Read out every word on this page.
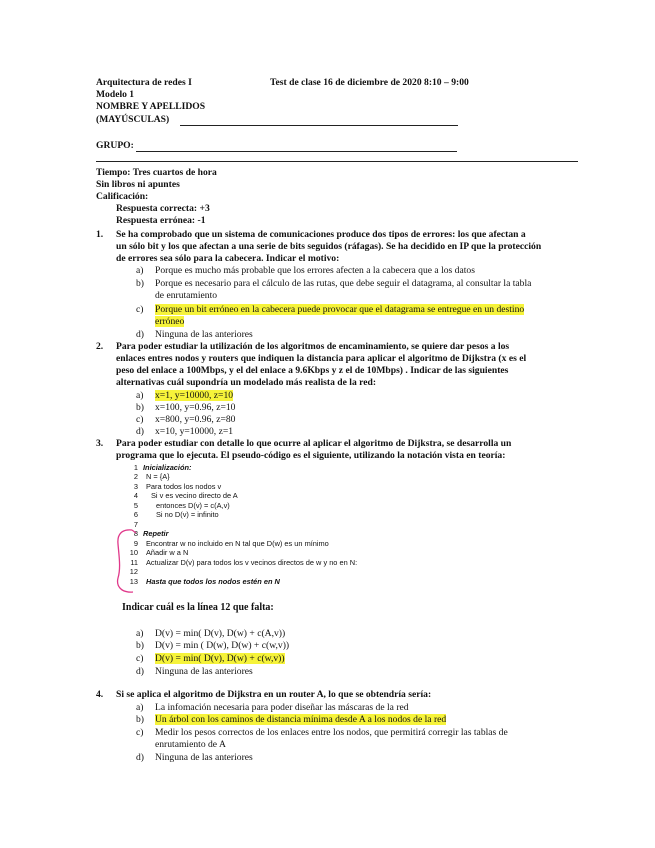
Arquitectura de redes I	Test de clase 16 de diciembre de 2020 8:10 – 9:00
Modelo 1
NOMBRE Y APELLIDOS
(MAYÚSCULAS)
GRUPO:
Tiempo: Tres cuartos de hora
Sin libros ni apuntes
Calificación:
Respuesta correcta: +3
Respuesta errónea: -1
1. Se ha comprobado que un sistema de comunicaciones produce dos tipos de errores: los que afectan a
un sólo bit y los que afectan a una serie de bits seguidos (ráfagas). Se ha decidido en IP que la protección
de errores sea sólo para la cabecera. Indicar el motivo:
a) Porque es mucho más probable que los errores afecten a la cabecera que a los datos
b) Porque es necesario para el cálculo de las rutas, que debe seguir el datagrama, al consultar la tabla
de enrutamiento
c) Porque un bit erróneo en la cabecera puede provocar que el datagrama se entregue en un destino
erróneo
d) Ninguna de las anteriores
2. Para poder estudiar la utilización de los algoritmos de encaminamiento, se quiere dar pesos a los
enlaces entres nodos y routers que indiquen la distancia para aplicar el algoritmo de Dijkstra (x es el
peso del enlace a 100Mbps, y el del enlace a 9.6Kbps y z el de 10Mbps) . Indicar de las siguientes
alternativas cuál supondría un modelado más realista de la red:
a) x=1, y=10000, z=10
b) x=100, y=0.96, z=10
c) x=800, y=0.96, z=80
d) x=10, y=10000, z=1
3. Para poder estudiar con detalle lo que ocurre al aplicar el algoritmo de Dijkstra, se desarrolla un
programa que lo ejecuta. El pseudo-código es el siguiente, utilizando la notación vista en teoría:
1 Inicialización:
2 N = {A}
3 Para todos los nodos v
4 Si v es vecino directo de A
5 entonces D(v) = c(A,v)
6 Si no D(v) = infinito
7
8 Repetir
9 Encontrar w no incluido en N tal que D(w) es un mínimo
10 Añadir w a N
11 Actualizar D(v) para todos los v vecinos directos de w y no en N:
12
13 Hasta que todos los nodos estén en N
Indicar cuál es la línea 12 que falta:
a) D(v) = min( D(v), D(w) + c(A,v))
b) D(v) = min ( D(w), D(w) + c(w,v))
c) D(v) = min( D(v), D(w) + c(w,v))
d) Ninguna de las anteriores
4. Si se aplica el algoritmo de Dijkstra en un router A, lo que se obtendría sería:
a) La infomación necesaria para poder diseñar las máscaras de la red
b) Un árbol con los caminos de distancia mínima desde A a los nodos de la red
c) Medir los pesos correctos de los enlaces entre los nodos, que permitirá corregir las tablas de
enrutamiento de A
d) Ninguna de las anteriores
